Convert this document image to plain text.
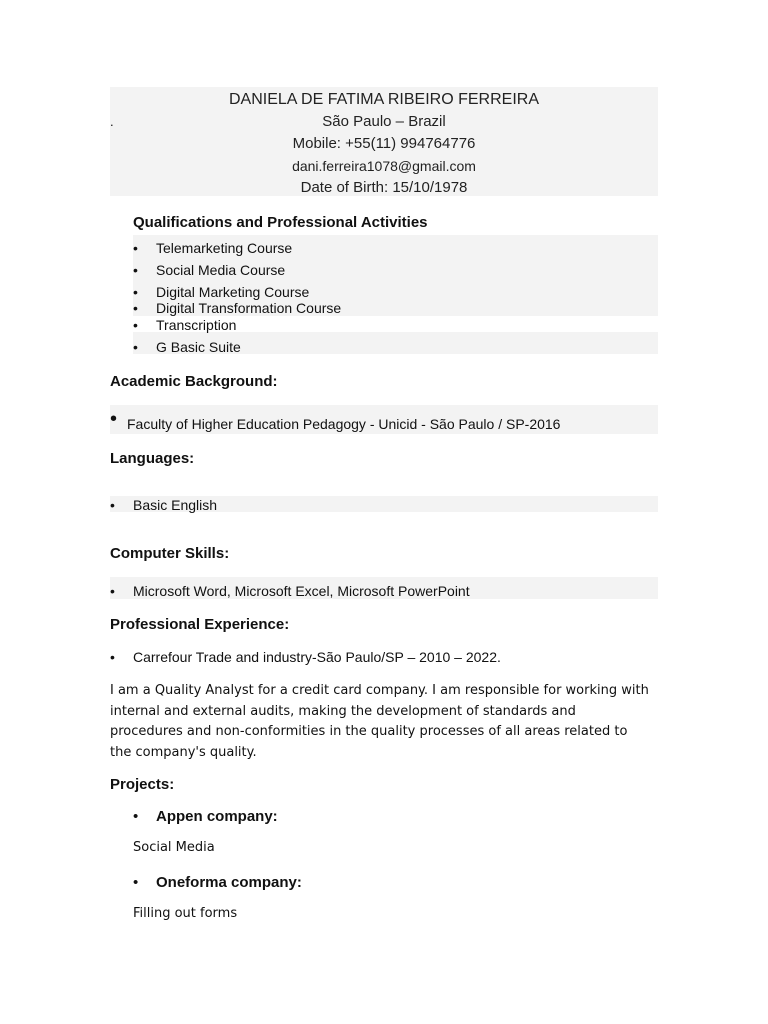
DANIELA DE FATIMA RIBEIRO FERREIRA
.	São Paulo – Brazil
Mobile: +55(11) 994764776
dani.ferreira1078@gmail.com
Date of Birth: 15/10/1978
Qualifications and Professional Activities
• Telemarketing Course
• Social Media Course
• Digital Marketing Course
• Digital Transformation Course
• Transcription
• G Basic Suite
Academic Background:
• Faculty of Higher Education Pedagogy - Unicid - São Paulo / SP-2016
Languages:
• Basic English
Computer Skills:
• Microsoft Word, Microsoft Excel, Microsoft PowerPoint
Professional Experience:
• Carrefour Trade and industry-São Paulo/SP – 2010 – 2022.
I am a Quality Analyst for a credit card company. I am responsible for working with internal and external audits, making the development of standards and procedures and non-conformities in the quality processes of all areas related to the company's quality.
Projects:
• Appen company:
Social Media
• Oneforma company:
Filling out forms
